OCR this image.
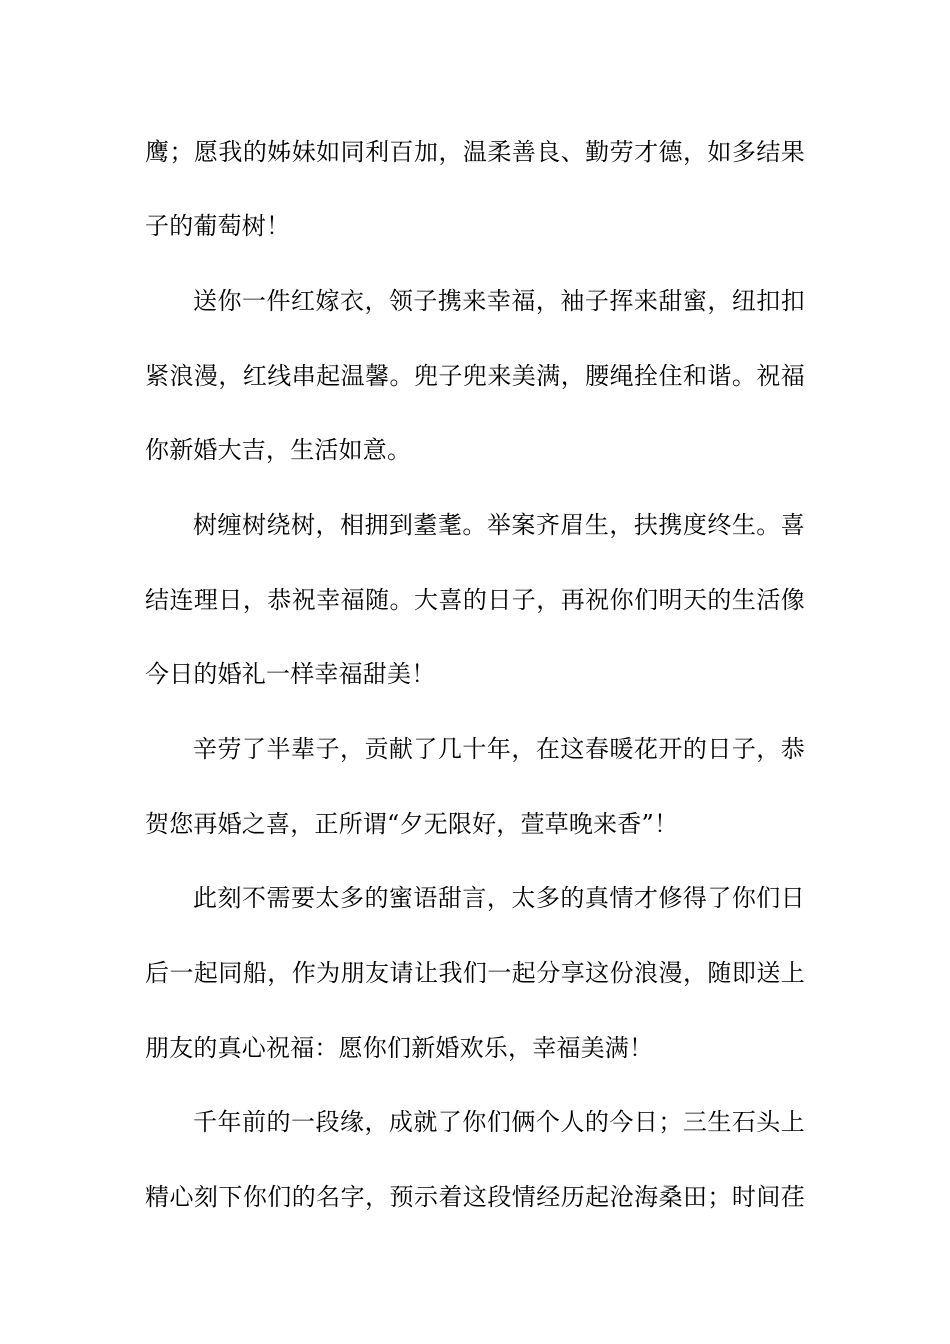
鹰；愿我的姊妹如同利百加，温柔善良、勤劳才德，如多结果
子的葡萄树！
送你一件红嫁衣，领子携来幸福，袖子挥来甜蜜，纽扣扣
紧浪漫，红线串起温馨。兜子兜来美满，腰绳拴住和谐。祝福
你新婚大吉，生活如意。
树缠树绕树，相拥到耋耄。举案齐眉生，扶携度终生。喜
结连理日，恭祝幸福随。大喜的日子，再祝你们明天的生活像
今日的婚礼一样幸福甜美！
辛劳了半辈子，贡献了几十年，在这春暖花开的日子，恭
贺您再婚之喜，正所谓“夕无限好，萱草晚来香”！
此刻不需要太多的蜜语甜言，太多的真情才修得了你们日
后一起同船，作为朋友请让我们一起分享这份浪漫，随即送上
朋友的真心祝福：愿你们新婚欢乐，幸福美满！
千年前的一段缘，成就了你们俩个人的今日；三生石头上
精心刻下你们的名字，预示着这段情经历起沧海桑田；时间荏
